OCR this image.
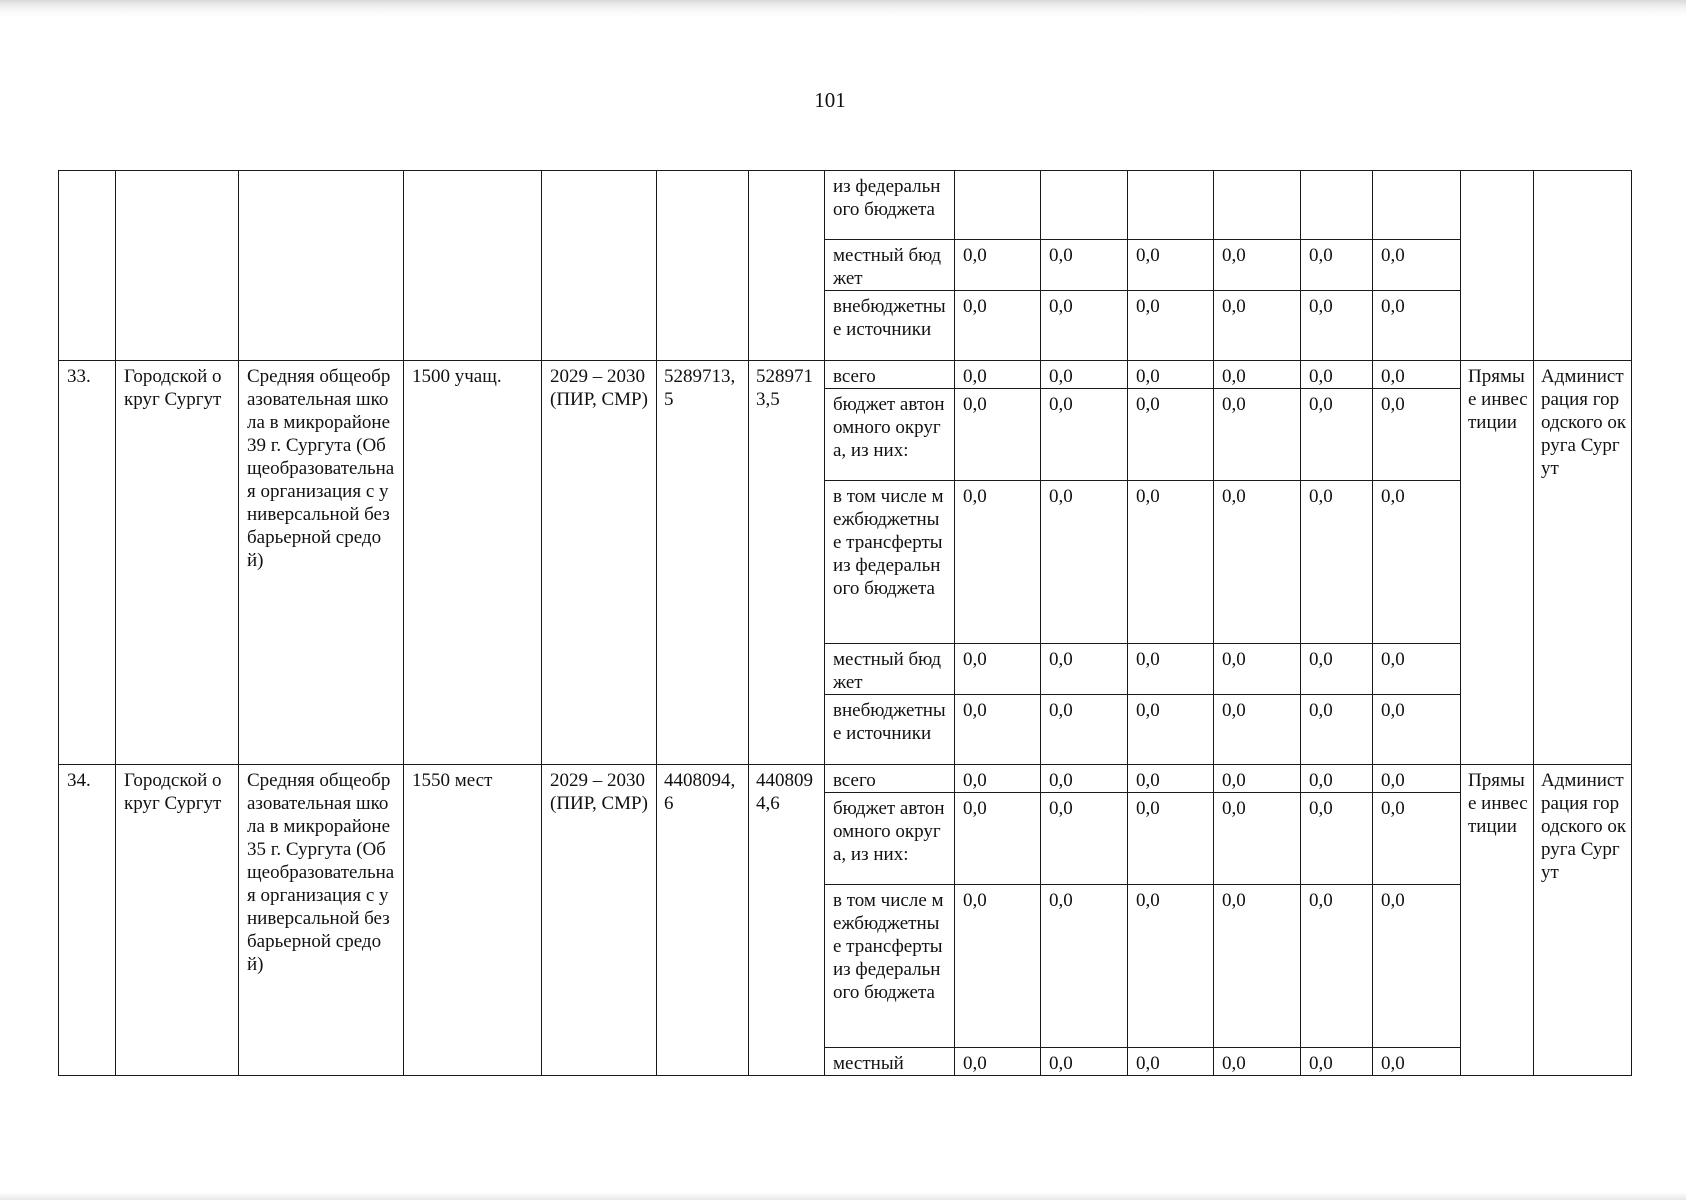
101
							из федерального бюджета								
							местный бюджет	0,0	0,0	0,0	0,0	0,0	0,0		
							внебюджетные источники	0,0	0,0	0,0	0,0	0,0	0,0		
33.	Городской округ Сургут	Средняя общеобразовательная школа в микрорайоне 39 г. Сургута (Общеобразовательная организация с универсальной безбарьерной средой)	1500 учащ.	2029 – 2030 (ПИР, СМР)	5289713,5	5289713,5	всего	0,0	0,0	0,0	0,0	0,0	0,0	Прямые инвестиции	Администрация городского округа Сургут
							бюджет автономного округа, из них:	0,0	0,0	0,0	0,0	0,0	0,0		
							в том числе межбюджетные трансферты из федерального бюджета	0,0	0,0	0,0	0,0	0,0	0,0		
							местный бюджет	0,0	0,0	0,0	0,0	0,0	0,0		
							внебюджетные источники	0,0	0,0	0,0	0,0	0,0	0,0		
34.	Городской округ Сургут	Средняя общеобразовательная школа в микрорайоне 35 г. Сургута (Общеобразовательная организация с универсальной безбарьерной средой)	1550 мест	2029 – 2030 (ПИР, СМР)	4408094,6	4408094,6	всего	0,0	0,0	0,0	0,0	0,0	0,0	Прямые инвестиции	Администрация городского округа Сургут
							бюджет автономного округа, из них:	0,0	0,0	0,0	0,0	0,0	0,0		
							в том числе межбюджетные трансферты из федерального бюджета	0,0	0,0	0,0	0,0	0,0	0,0		
							местный	0,0	0,0	0,0	0,0	0,0	0,0		
